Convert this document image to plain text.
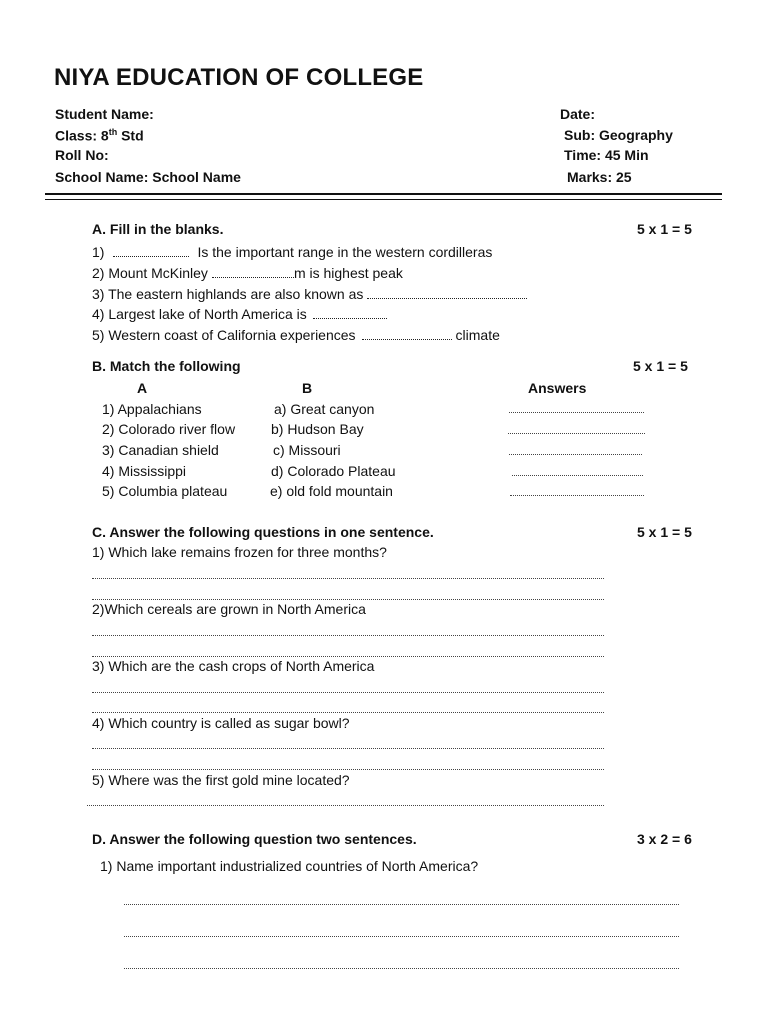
NIYA EDUCATION OF COLLEGE
Student Name:
Class: 8th Std
Roll No:
School Name: School Name
Date:
Sub: Geography
Time: 45 Min
Marks: 25
A. Fill in the blanks.	5 x 1 = 5
1)	Is the important range in the western cordilleras
2) Mount McKinley	m is highest peak
3) The eastern highlands are also known as
4) Largest lake of North America is
5) Western coast of California experiences	climate
B. Match the following	5 x 1 = 5
A	B	Answers
1) Appalachians	a) Great canyon
2) Colorado river flow	b) Hudson Bay
3) Canadian shield	c) Missouri
4) Mississippi	d) Colorado Plateau
5) Columbia plateau	e) old fold mountain
C. Answer the following questions in one sentence.	5 x 1 = 5
1) Which lake remains frozen for three months?
2)Which cereals are grown in North America
3) Which are the cash crops of North America
4) Which country is called as sugar bowl?
5) Where was the first gold mine located?
D. Answer the following question two sentences.	3 x 2 = 6
1) Name important industrialized countries of North America?
